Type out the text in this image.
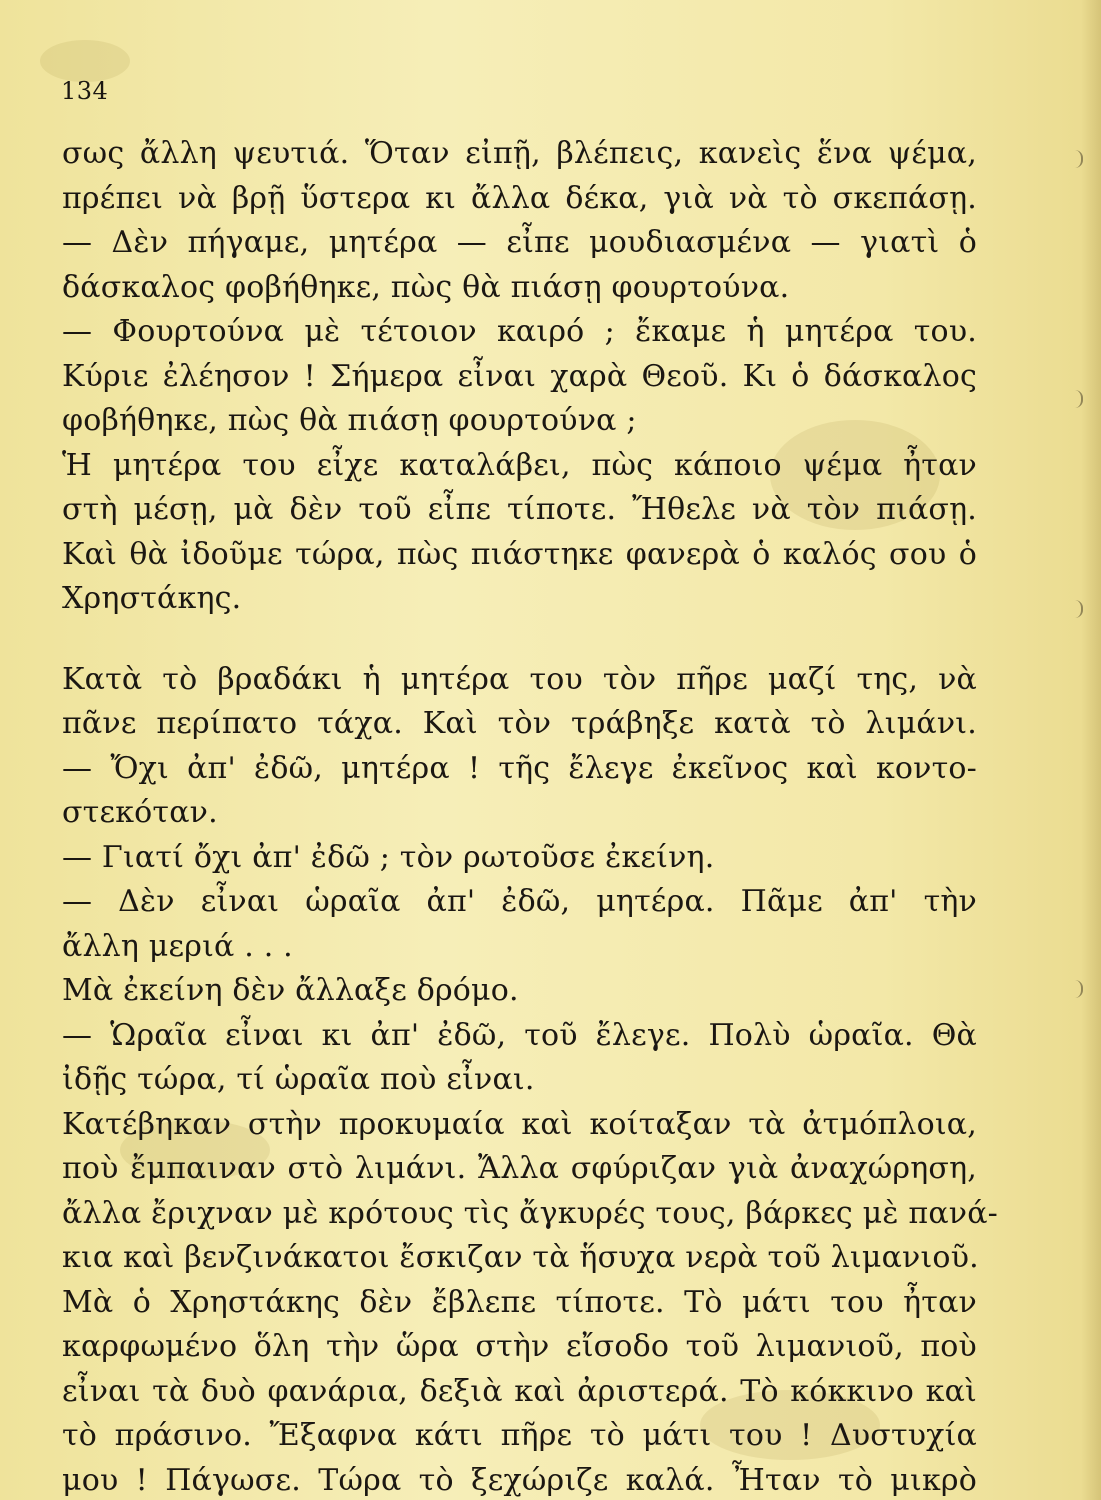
134
σως ἄλλη ψευτιά. Ὅταν εἰπῇ, βλέπεις, κανεὶς ἕνα ψέμα,
πρέπει νὰ βρῇ ὕστερα κι ἄλλα δέκα, γιὰ νὰ τὸ σκεπάσῃ.
— Δὲν πήγαμε, μητέρα — εἶπε μουδιασμένα — γιατὶ ὁ
δάσκαλος φοβήθηκε, πὼς θὰ πιάσῃ φουρτούνα.
— Φουρτούνα μὲ τέτοιον καιρό ; ἔκαμε ἡ μητέρα του.
Κύριε ἐλέησον ! Σήμερα εἶναι χαρὰ Θεοῦ. Κι ὁ δάσκαλος
φοβήθηκε, πὼς θὰ πιάσῃ φουρτούνα ;
Ἡ μητέρα του εἶχε καταλάβει, πὼς κάποιο ψέμα ἦταν
στὴ μέσῃ, μὰ δὲν τοῦ εἶπε τίποτε. Ἤθελε νὰ τὸν πιάσῃ.
Καὶ θὰ ἰδοῦμε τώρα, πὼς πιάστηκε φανερὰ ὁ καλός σου ὁ
Χρηστάκης.
Κατὰ τὸ βραδάκι ἡ μητέρα του τὸν πῆρε μαζί της, νὰ
πᾶνε περίπατο τάχα. Καὶ τὸν τράβηξε κατὰ τὸ λιμάνι.
— Ὄχι ἀπ' ἐδῶ, μητέρα ! τῆς ἔλεγε ἐκεῖνος καὶ κοντο-
στεκόταν.
— Γιατί ὄχι ἀπ' ἐδῶ ; τὸν ρωτοῦσε ἐκείνη.
— Δὲν εἶναι ὡραῖα ἀπ' ἐδῶ, μητέρα. Πᾶμε ἀπ' τὴν
ἄλλη μεριά . . .
Μὰ ἐκείνη δὲν ἄλλαξε δρόμο.
— Ὡραῖα εἶναι κι ἀπ' ἐδῶ, τοῦ ἔλεγε. Πολὺ ὡραῖα. Θὰ
ἰδῇς τώρα, τί ὡραῖα ποὺ εἶναι.
Κατέβηκαν στὴν προκυμαία καὶ κοίταξαν τὰ ἀτμόπλοια,
ποὺ ἔμπαιναν στὸ λιμάνι. Ἄλλα σφύριζαν γιὰ ἀναχώρηση,
ἄλλα ἔριχναν μὲ κρότους τὶς ἄγκυρές τους, βάρκες μὲ πανά-
κια καὶ βενζινάκατοι ἔσκιζαν τὰ ἥσυχα νερὰ τοῦ λιμανιοῦ.
Μὰ ὁ Χρηστάκης δὲν ἔβλεπε τίποτε. Τὸ μάτι του ἦταν
καρφωμένο ὅλη τὴν ὥρα στὴν εἴσοδο τοῦ λιμανιοῦ, ποὺ
εἶναι τὰ δυὸ φανάρια, δεξιὰ καὶ ἀριστερά. Τὸ κόκκινο καὶ
τὸ πράσινο. Ἔξαφνα κάτι πῆρε τὸ μάτι του ! Δυστυχία
μου ! Πάγωσε. Τώρα τὸ ξεχώριζε καλά. Ἦταν τὸ μικρὸ
